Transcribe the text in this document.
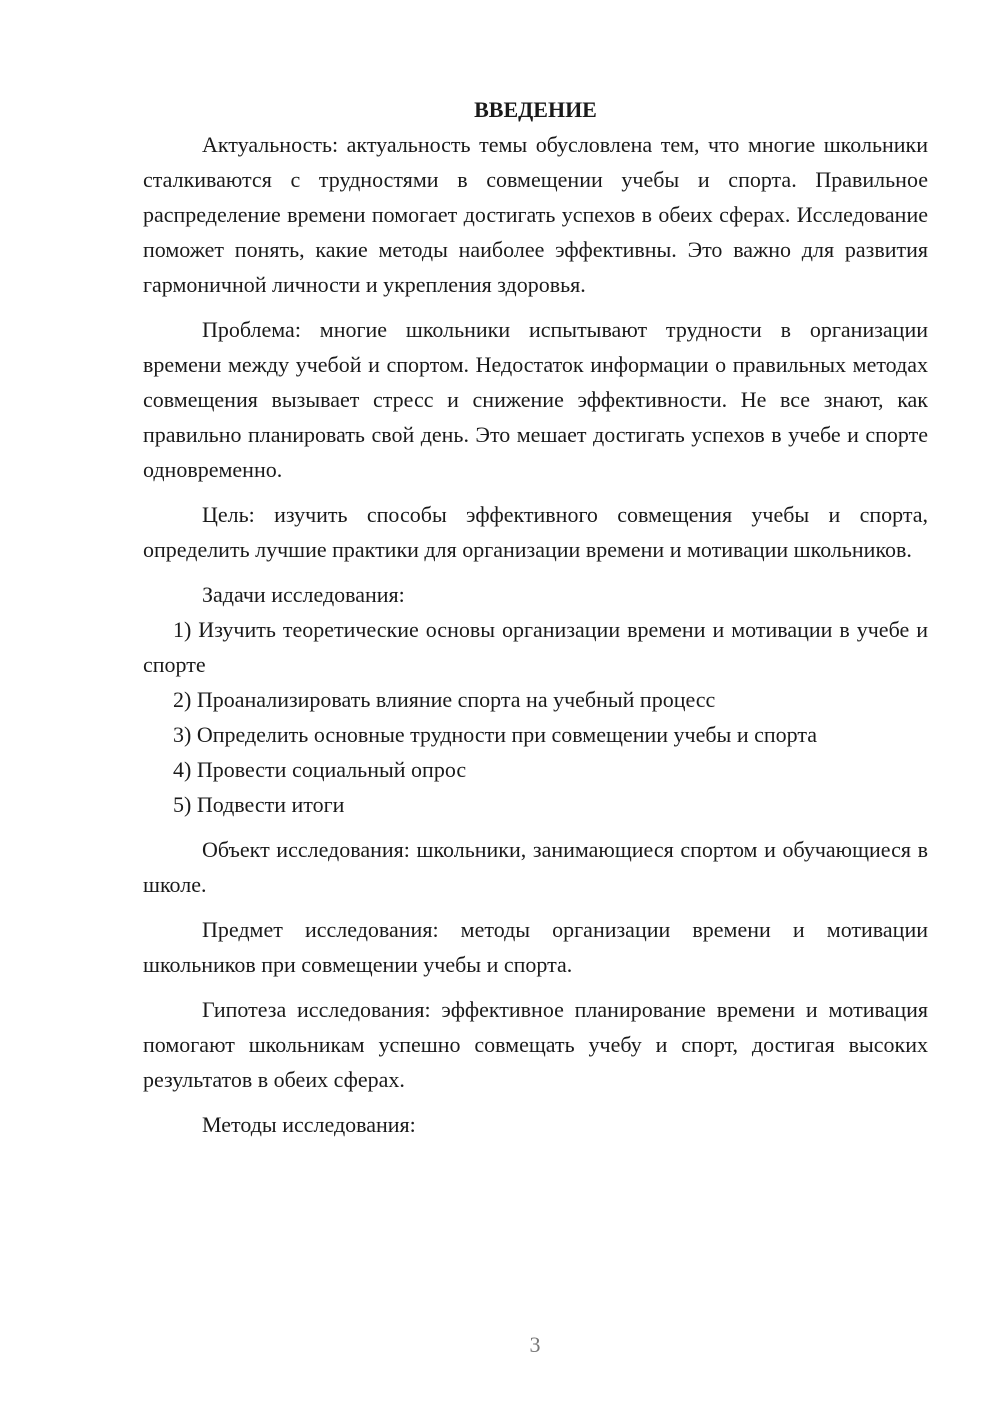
ВВЕДЕНИЕ

Актуальность: актуальность темы обусловлена тем, что многие школьники сталкиваются с трудностями в совмещении учебы и спорта. Правильное распределение времени помогает достигать успехов в обеих сферах. Исследование поможет понять, какие методы наиболее эффективны. Это важно для развития гармоничной личности и укрепления здоровья.

Проблема: многие школьники испытывают трудности в организации времени между учебой и спортом. Недостаток информации о правильных методах совмещения вызывает стресс и снижение эффективности. Не все знают, как правильно планировать свой день. Это мешает достигать успехов в учебе и спорте одновременно.

Цель: изучить способы эффективного совмещения учебы и спорта, определить лучшие практики для организации времени и мотивации школьников.

Задачи исследования:

1) Изучить теоретические основы организации времени и мотивации в учебе и спорте

2) Проанализировать влияние спорта на учебный процесс

3) Определить основные трудности при совмещении учебы и спорта

4) Провести социальный опрос

5) Подвести итоги

Объект исследования: школьники, занимающиеся спортом и обучающиеся в школе.

Предмет исследования: методы организации времени и мотивации школьников при совмещении учебы и спорта.

Гипотеза исследования: эффективное планирование времени и мотивация помогают школьникам успешно совмещать учебу и спорт, достигая высоких результатов в обеих сферах.

Методы исследования:

3
